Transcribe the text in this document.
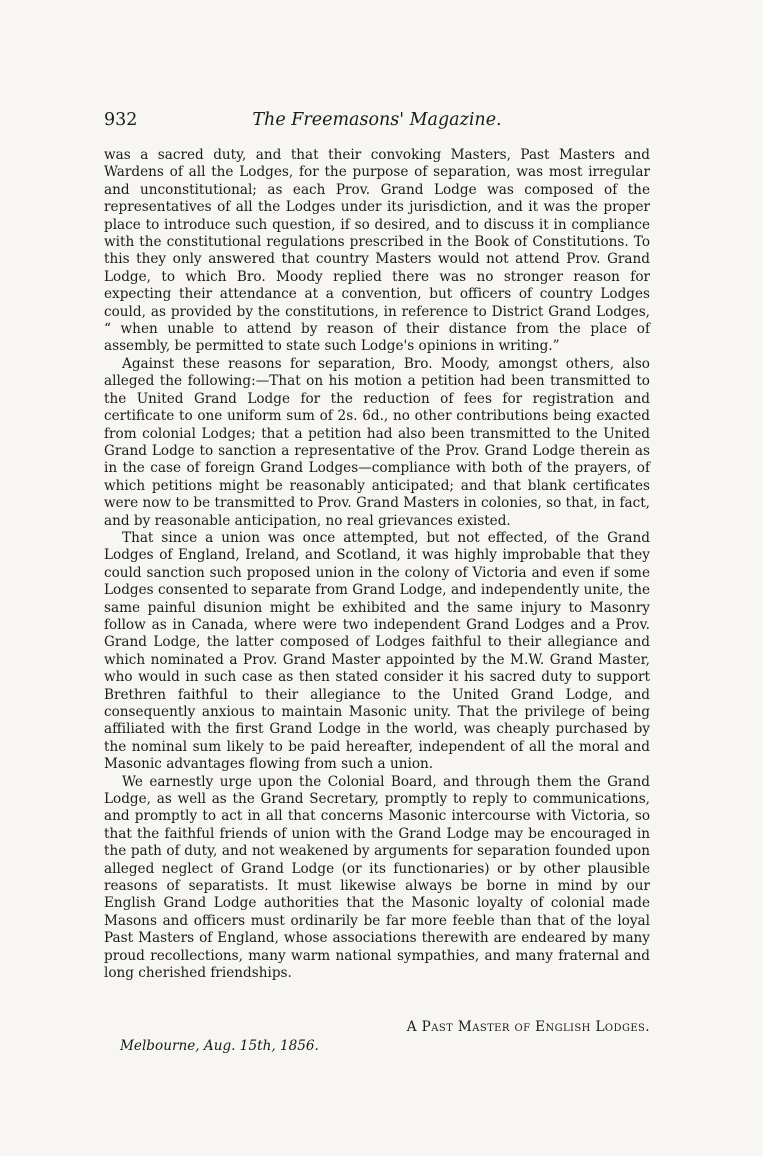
932	The Freemasons' Magazine.

was a sacred duty, and that their convoking Masters, Past Masters and Wardens of all the Lodges, for the purpose of separation, was most irregular and unconstitutional; as each Prov. Grand Lodge was composed of the representatives of all the Lodges under its jurisdiction, and it was the proper place to introduce such question, if so desired, and to discuss it in compliance with the constitutional regulations prescribed in the Book of Constitutions. To this they only answered that country Masters would not attend Prov. Grand Lodge, to which Bro. Moody replied there was no stronger reason for expecting their attendance at a convention, but officers of country Lodges could, as provided by the constitutions, in reference to District Grand Lodges, “ when unable to attend by reason of their distance from the place of assembly, be permitted to state such Lodge's opinions in writing.”

Against these reasons for separation, Bro. Moody, amongst others, also alleged the following:—That on his motion a petition had been transmitted to the United Grand Lodge for the reduction of fees for registration and certificate to one uniform sum of 2s. 6d., no other contributions being exacted from colonial Lodges; that a petition had also been transmitted to the United Grand Lodge to sanction a representative of the Prov. Grand Lodge therein as in the case of foreign Grand Lodges—compliance with both of the prayers, of which petitions might be reasonably anticipated; and that blank certificates were now to be transmitted to Prov. Grand Masters in colonies, so that, in fact, and by reasonable anticipation, no real grievances existed.

That since a union was once attempted, but not effected, of the Grand Lodges of England, Ireland, and Scotland, it was highly improbable that they could sanction such proposed union in the colony of Victoria and even if some Lodges consented to separate from Grand Lodge, and independently unite, the same painful disunion might be exhibited and the same injury to Masonry follow as in Canada, where were two independent Grand Lodges and a Prov. Grand Lodge, the latter composed of Lodges faithful to their allegiance and which nominated a Prov. Grand Master appointed by the M.W. Grand Master, who would in such case as then stated consider it his sacred duty to support Brethren faithful to their allegiance to the United Grand Lodge, and consequently anxious to maintain Masonic unity. That the privilege of being affiliated with the first Grand Lodge in the world, was cheaply purchased by the nominal sum likely to be paid hereafter, independent of all the moral and Masonic advantages flowing from such a union.

We earnestly urge upon the Colonial Board, and through them the Grand Lodge, as well as the Grand Secretary, promptly to reply to communications, and promptly to act in all that concerns Masonic intercourse with Victoria, so that the faithful friends of union with the Grand Lodge may be encouraged in the path of duty, and not weakened by arguments for separation founded upon alleged neglect of Grand Lodge (or its functionaries) or by other plausible reasons of separatists. It must likewise always be borne in mind by our English Grand Lodge authorities that the Masonic loyalty of colonial made Masons and officers must ordinarily be far more feeble than that of the loyal Past Masters of England, whose associations therewith are endeared by many proud recollections, many warm national sympathies, and many fraternal and long cherished friendships.

A Past Master of English Lodges.
Melbourne, Aug. 15th, 1856.
